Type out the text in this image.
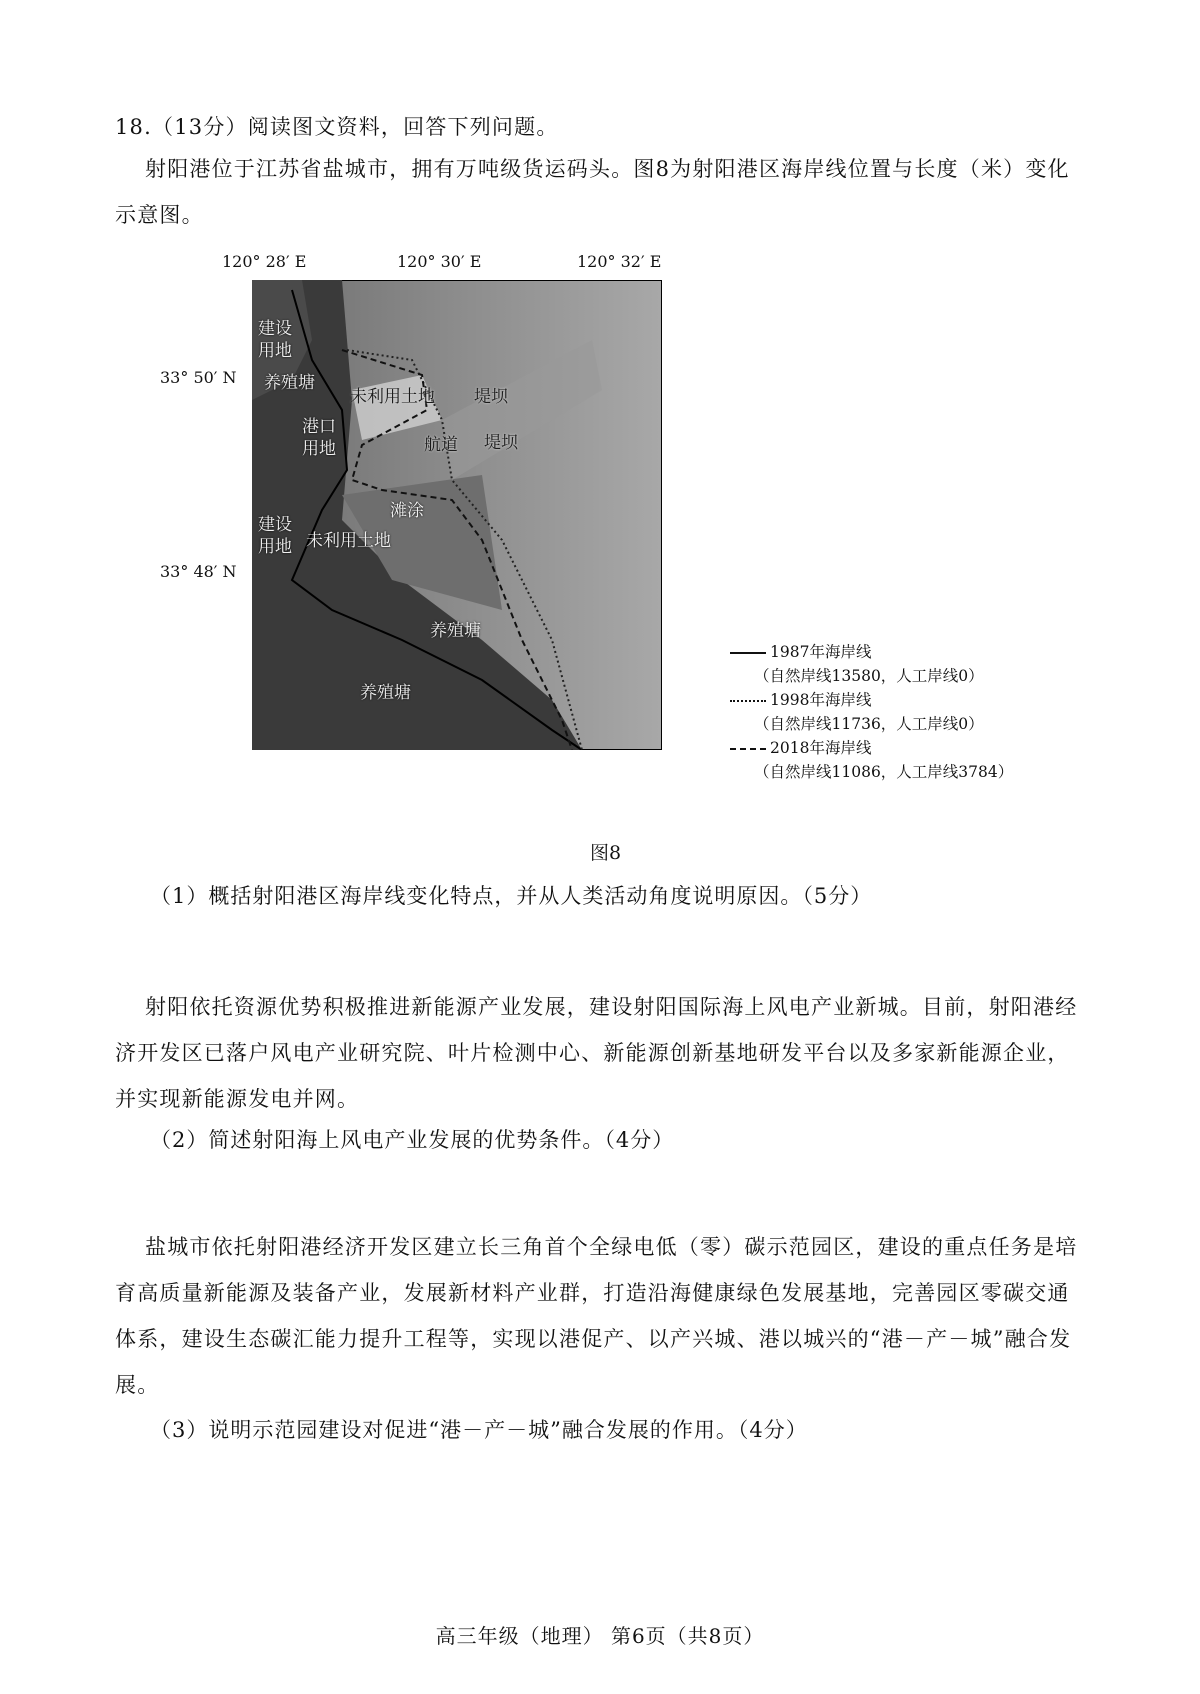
18.（13分）阅读图文资料，回答下列问题。
射阳港位于江苏省盐城市，拥有万吨级货运码头。图8为射阳港区海岸线位置与长度（米）变化示意图。
120° 28′ E	120° 30′ E	120° 32′ E
33° 50′ N
33° 48′ N
建设
用地
养殖塘
未利用土地
港口
用地
堤坝
航道 堤坝
滩涂
建设
用地 未利用土地
养殖塘
养殖塘
1987年海岸线
（自然岸线13580，人工岸线0）
1998年海岸线
（自然岸线11736，人工岸线0）
2018年海岸线
（自然岸线11086，人工岸线3784）
图8
（1）概括射阳港区海岸线变化特点，并从人类活动角度说明原因。（5分）
射阳依托资源优势积极推进新能源产业发展，建设射阳国际海上风电产业新城。目前，射阳港经济开发区已落户风电产业研究院、叶片检测中心、新能源创新基地研发平台以及多家新能源企业，并实现新能源发电并网。
（2）简述射阳海上风电产业发展的优势条件。（4分）
盐城市依托射阳港经济开发区建立长三角首个全绿电低（零）碳示范园区，建设的重点任务是培育高质量新能源及装备产业，发展新材料产业群，打造沿海健康绿色发展基地，完善园区零碳交通体系，建设生态碳汇能力提升工程等，实现以港促产、以产兴城、港以城兴的“港－产－城”融合发展。
（3）说明示范园建设对促进“港－产－城”融合发展的作用。（4分）
高三年级（地理） 第6页（共8页）
